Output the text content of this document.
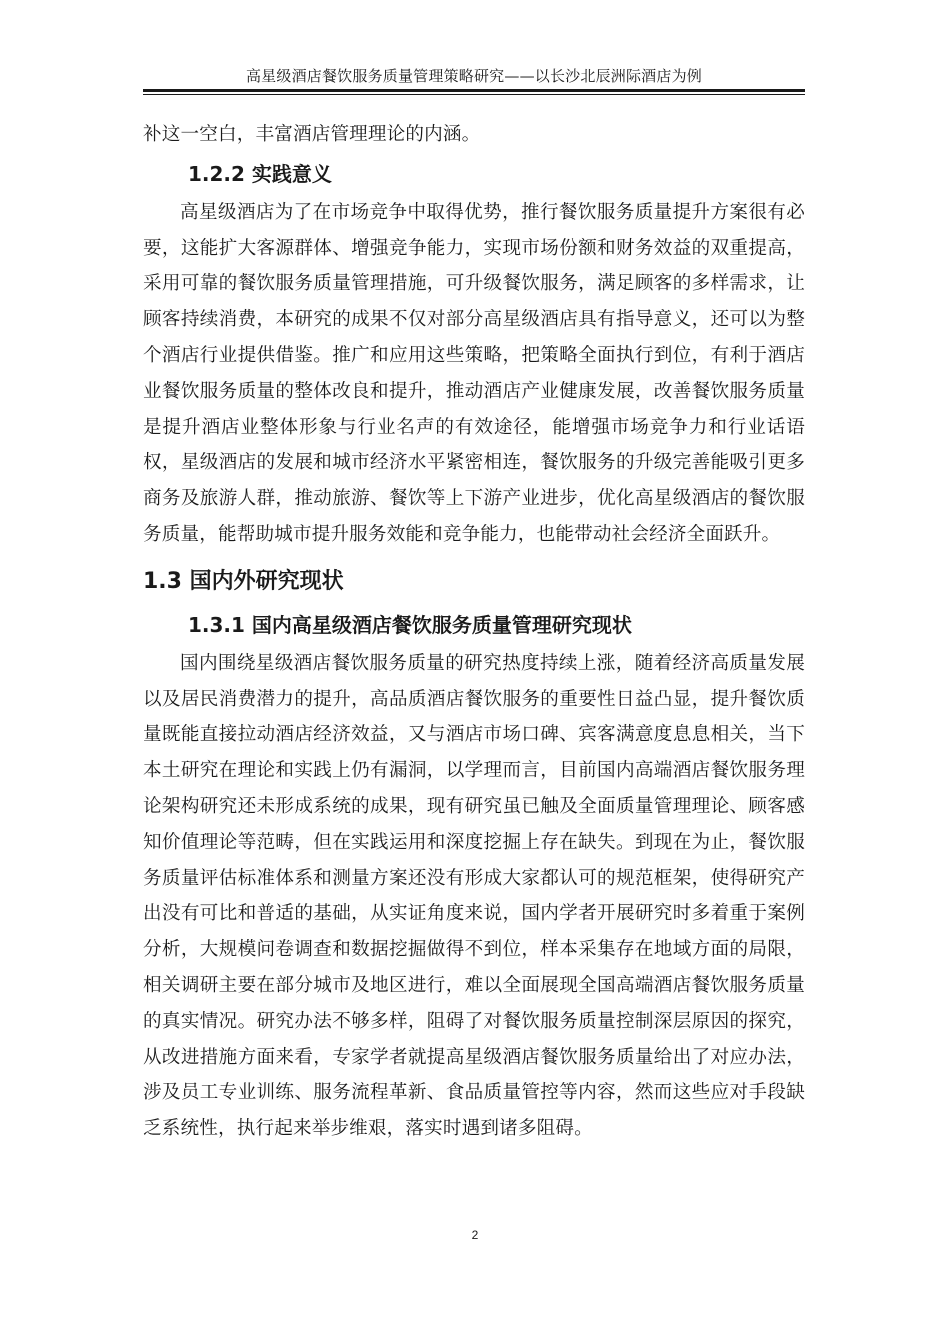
高星级酒店餐饮服务质量管理策略研究——以长沙北辰洲际酒店为例

补这一空白，丰富酒店管理理论的内涵。

1.2.2 实践意义

高星级酒店为了在市场竞争中取得优势，推行餐饮服务质量提升方案很有必要，这能扩大客源群体、增强竞争能力，实现市场份额和财务效益的双重提高，采用可靠的餐饮服务质量管理措施，可升级餐饮服务，满足顾客的多样需求，让顾客持续消费，本研究的成果不仅对部分高星级酒店具有指导意义，还可以为整个酒店行业提供借鉴。推广和应用这些策略，把策略全面执行到位，有利于酒店业餐饮服务质量的整体改良和提升，推动酒店产业健康发展，改善餐饮服务质量是提升酒店业整体形象与行业名声的有效途径，能增强市场竞争力和行业话语权，星级酒店的发展和城市经济水平紧密相连，餐饮服务的升级完善能吸引更多商务及旅游人群，推动旅游、餐饮等上下游产业进步，优化高星级酒店的餐饮服务质量，能帮助城市提升服务效能和竞争能力，也能带动社会经济全面跃升。

1.3 国内外研究现状
1.3.1 国内高星级酒店餐饮服务质量管理研究现状

国内围绕星级酒店餐饮服务质量的研究热度持续上涨，随着经济高质量发展以及居民消费潜力的提升，高品质酒店餐饮服务的重要性日益凸显，提升餐饮质量既能直接拉动酒店经济效益，又与酒店市场口碑、宾客满意度息息相关，当下本土研究在理论和实践上仍有漏洞，以学理而言，目前国内高端酒店餐饮服务理论架构研究还未形成系统的成果，现有研究虽已触及全面质量管理理论、顾客感知价值理论等范畴，但在实践运用和深度挖掘上存在缺失。到现在为止，餐饮服务质量评估标准体系和测量方案还没有形成大家都认可的规范框架，使得研究产出没有可比和普适的基础，从实证角度来说，国内学者开展研究时多着重于案例分析，大规模问卷调查和数据挖掘做得不到位，样本采集存在地域方面的局限，相关调研主要在部分城市及地区进行，难以全面展现全国高端酒店餐饮服务质量的真实情况。研究办法不够多样，阻碍了对餐饮服务质量控制深层原因的探究，从改进措施方面来看，专家学者就提高星级酒店餐饮服务质量给出了对应办法，涉及员工专业训练、服务流程革新、食品质量管控等内容，然而这些应对手段缺乏系统性，执行起来举步维艰，落实时遇到诸多阻碍。

2
